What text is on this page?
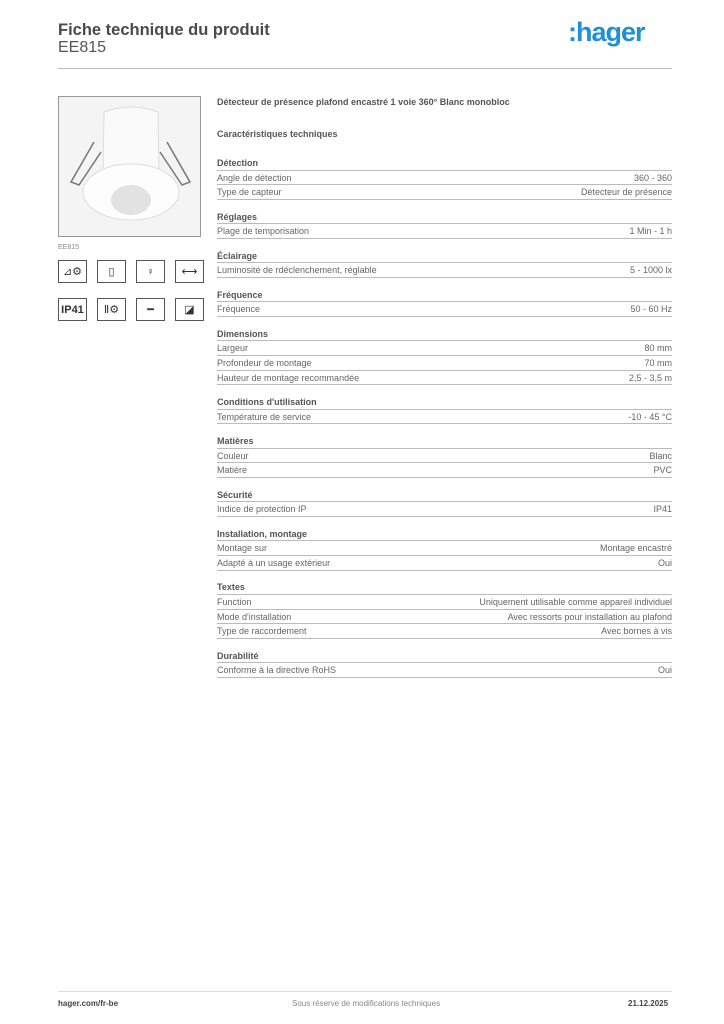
Fiche technique du produit
EE815
:hager
EE815
⊿⚙	▯	♀	⟷
IP41	Ⅱ⚙	━	◪
Détecteur de présence plafond encastré 1 voie 360° Blanc monobloc
Caractéristiques techniques
Détection
Angle de détection	360 - 360
Type de capteur	Détecteur de présence
Réglages
Plage de temporisation	1 Min - 1 h
Éclairage
Luminosité de rdéclenchement, réglable	5 - 1000 lx
Fréquence
Fréquence	50 - 60 Hz
Dimensions
Largeur	80 mm
Profondeur de montage	70 mm
Hauteur de montage recommandée	2,5 - 3,5 m
Conditions d'utilisation
Température de service	-10 - 45 °C
Matières
Couleur	Blanc
Matière	PVC
Sécurité
Indice de protection IP	IP41
Installation, montage
Montage sur	Montage encastré
Adapté à un usage extérieur	Oui
Textes
Function	Uniquement utilisable comme appareil individuel
Mode d'installation	Avec ressorts pour installation au plafond
Type de raccordement	Avec bornes à vis
Durabilité
Conforme à la directive RoHS	Oui
hager.com/fr-be	Sous réserve de modifications techniques	21.12.2025
